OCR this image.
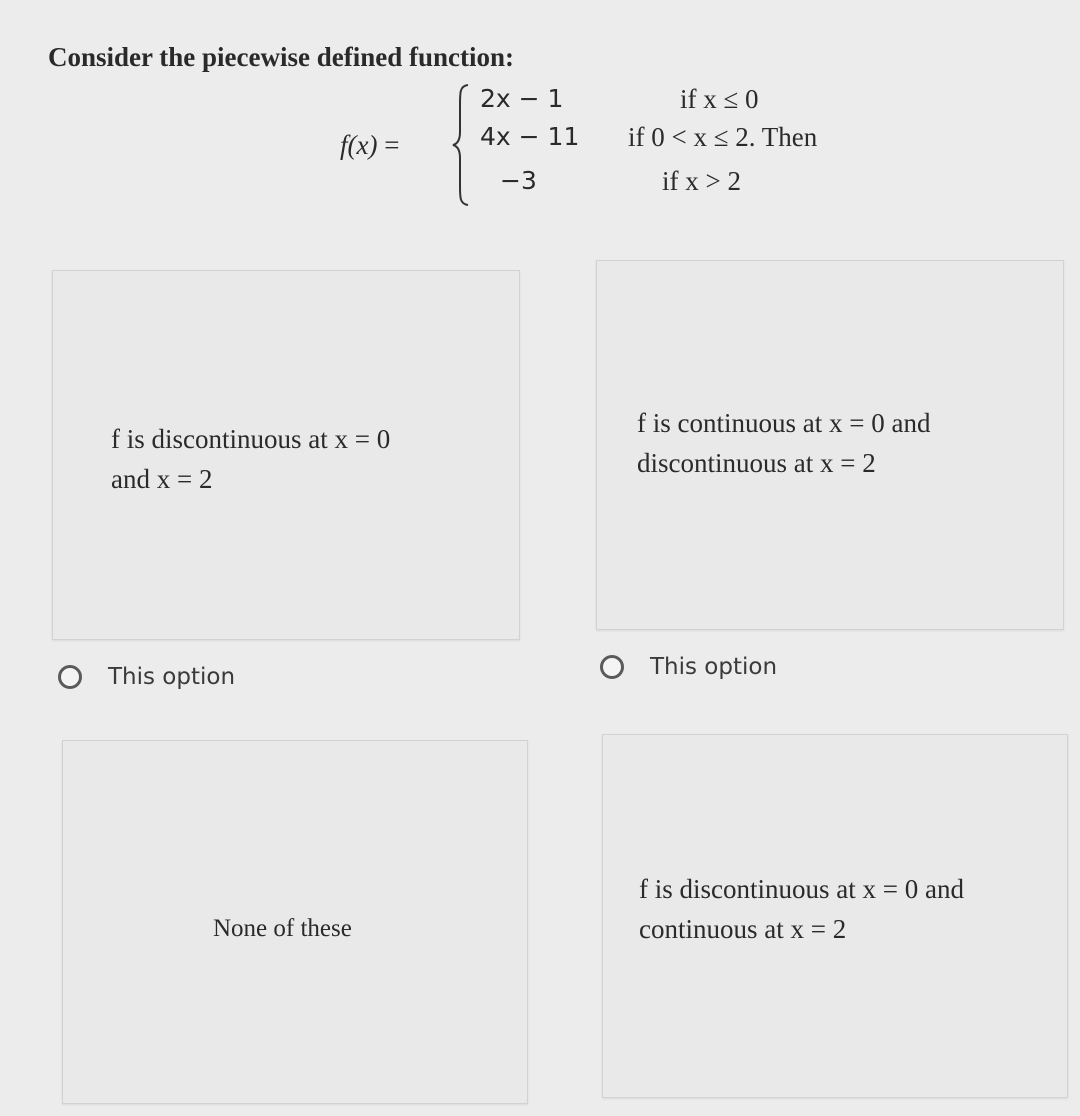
Consider the piecewise defined function:
f(x) =
2x − 1	if x ≤ 0
4x − 11 if 0 < x ≤ 2. Then
−3	if x > 2
f is discontinuous at x = 0
and x = 2
This option
f is continuous at x = 0 and
discontinuous at x = 2
This option
None of these
f is discontinuous at x = 0 and
continuous at x = 2
